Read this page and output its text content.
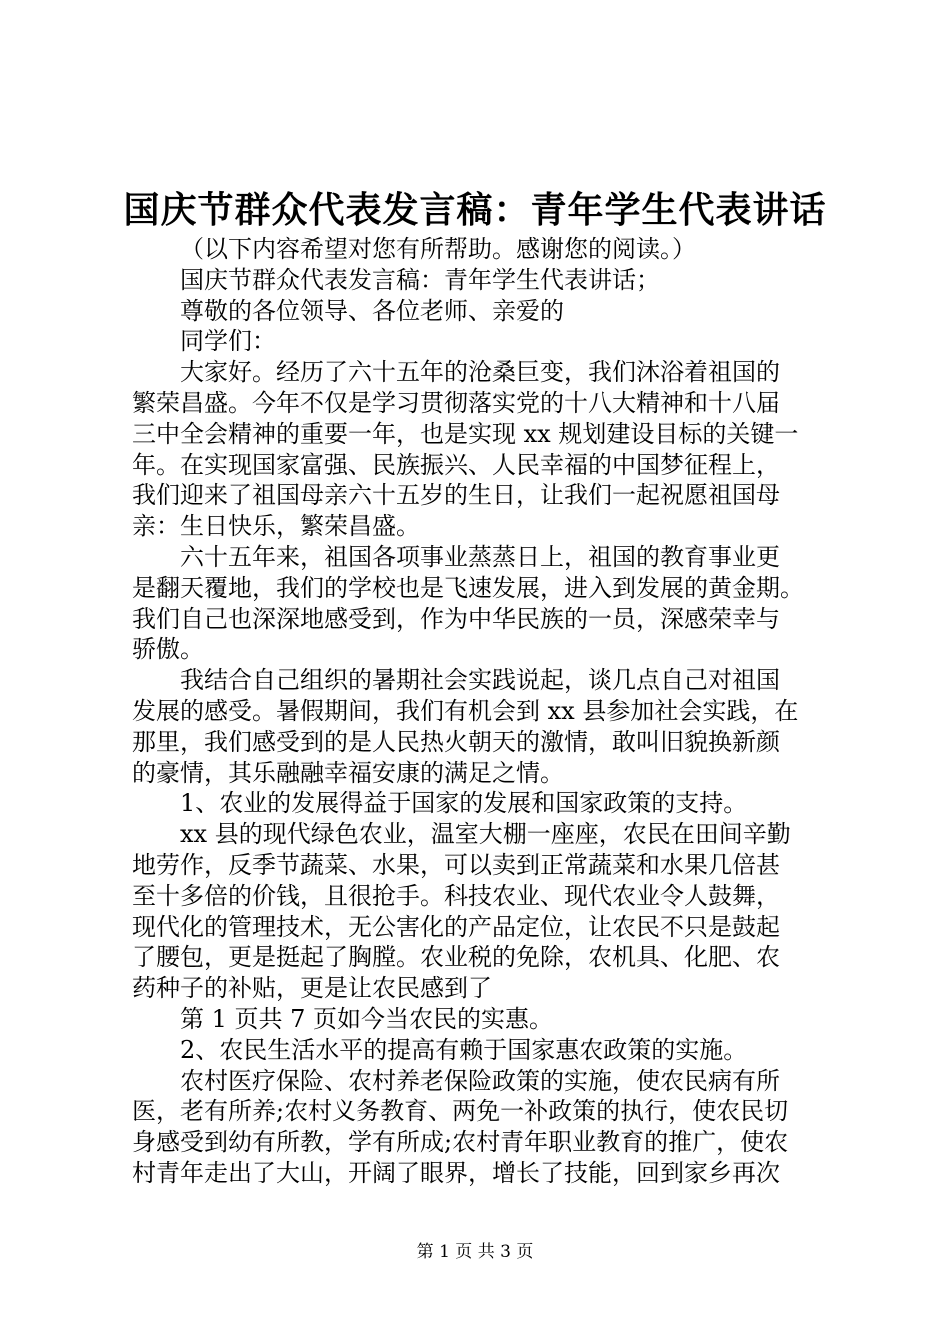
国庆节群众代表发言稿：青年学生代表讲话
（以下内容希望对您有所帮助。感谢您的阅读。）
国庆节群众代表发言稿：青年学生代表讲话；
尊敬的各位领导、各位老师、亲爱的
同学们：
大家好。经历了六十五年的沧桑巨变，我们沐浴着祖国的
繁荣昌盛。今年不仅是学习贯彻落实党的十八大精神和十八届
三中全会精神的重要一年，也是实现 xx 规划建设目标的关键一
年。在实现国家富强、民族振兴、人民幸福的中国梦征程上，
我们迎来了祖国母亲六十五岁的生日，让我们一起祝愿祖国母
亲：生日快乐，繁荣昌盛。
六十五年来，祖国各项事业蒸蒸日上，祖国的教育事业更
是翻天覆地，我们的学校也是飞速发展，进入到发展的黄金期。
我们自己也深深地感受到，作为中华民族的一员，深感荣幸与
骄傲。
我结合自己组织的暑期社会实践说起，谈几点自己对祖国
发展的感受。暑假期间，我们有机会到 xx 县参加社会实践，在
那里，我们感受到的是人民热火朝天的激情，敢叫旧貌换新颜
的豪情，其乐融融幸福安康的满足之情。
1、农业的发展得益于国家的发展和国家政策的支持。
xx 县的现代绿色农业，温室大棚一座座，农民在田间辛勤
地劳作，反季节蔬菜、水果，可以卖到正常蔬菜和水果几倍甚
至十多倍的价钱，且很抢手。科技农业、现代农业令人鼓舞，
现代化的管理技术，无公害化的产品定位，让农民不只是鼓起
了腰包，更是挺起了胸膛。农业税的免除，农机具、化肥、农
药种子的补贴，更是让农民感到了
第 1 页共 7 页如今当农民的实惠。
2、农民生活水平的提高有赖于国家惠农政策的实施。
农村医疗保险、农村养老保险政策的实施，使农民病有所
医，老有所养;农村义务教育、两免一补政策的执行，使农民切
身感受到幼有所教，学有所成;农村青年职业教育的推广，使农
村青年走出了大山，开阔了眼界，增长了技能，回到家乡再次
第 1 页 共 3 页
